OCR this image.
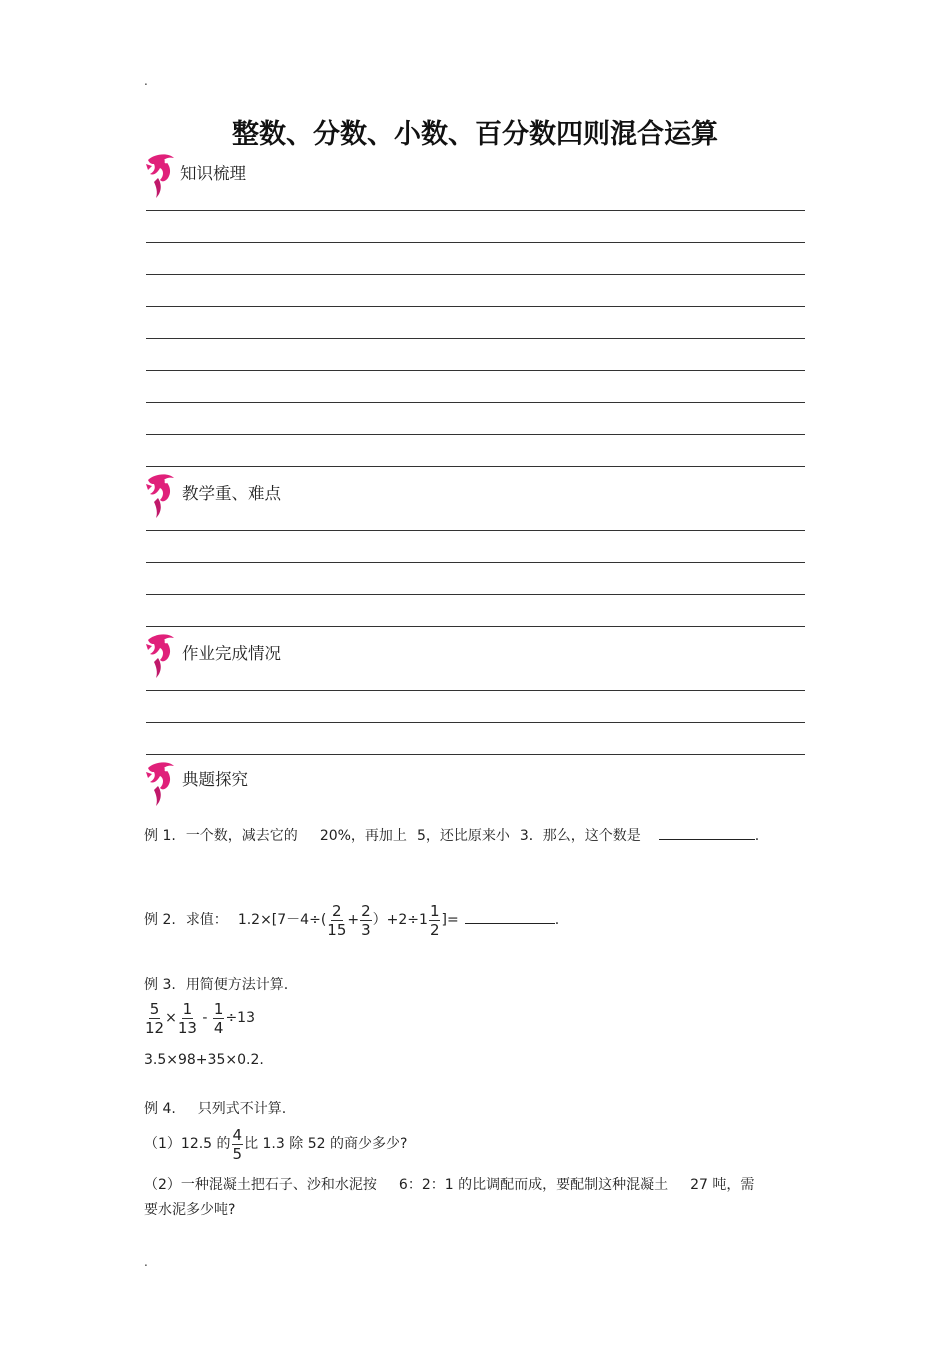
.
.
整数、分数、小数、百分数四则混合运算
知识梳理
教学重、难点
作业完成情况
典题探究
例 1. 一个数，减去它的 20%，再加上 5，还比原来小 3．那么，这个数是	.
例 2. 求值： $1.2\times[7-4\div( \frac{2}{15} + \frac{2}{3} )+2\div 1 \frac{1}{2}$ ]=	.
例 3. 用简便方法计算.
$\frac{5}{12} \times \frac{1}{13} - \frac{1}{4} \div 13$
3.5×98+35×0.2.
例 4. 只列式不计算.
（1）12.5 的 $\frac{4}{5}$ 比 1.3 除 52 的商少多少?
（2）一种混凝土把石子、沙和水泥按 6：2：1 的比调配而成，要配制这种混凝土 27 吨，需
要水泥多少吨?
